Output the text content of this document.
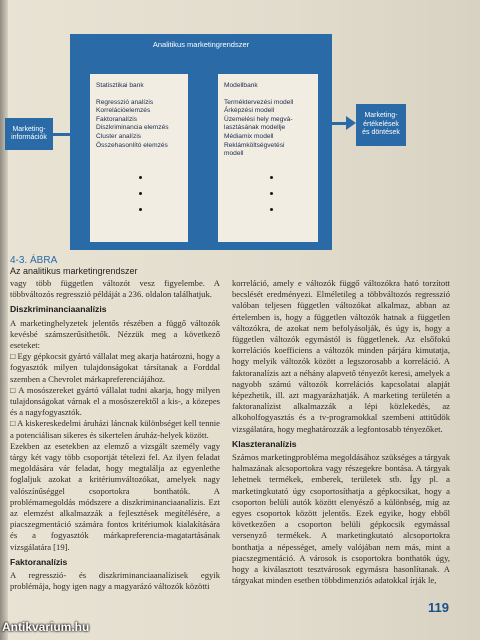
Analitikus marketingrendszer
Marketing-
információk
Statisztikai bank
Regresszió analízis
Korrelációelemzés
Faktoranalízis
Diszkriminancia elemzés
Cluster analízis
Összehasonlító elemzés
Modellbank
Terméktervezési modell
Árképzési modell
Üzemelési hely megvá-
lasztásának modellje
Médiamix modell
Reklámköltségvetési
modell
Marketing-
értékelések
és döntések
4-3. ÁBRA
Az analitikus marketingrendszer

vagy több független változót vesz figyelembe. A többváltozós regresszió példáját a 236. oldalon találhatjuk.

Diszkriminanciaanalízis

A marketinghelyzetek jelentős részében a függő változók kevésbé számszerűsíthetők. Nézzük meg a következő eseteket:

□ Egy gépkocsit gyártó vállalat meg akarja határozni, hogy a fogyasztók milyen tulajdonságokat társítanak a Forddal szemben a Chevrolet márkapreferenciájához.

□ A mosószereket gyártó vállalat tudni akarja, hogy milyen tulajdonságokat várnak el a mosószerektől a kis-, a közepes és a nagyfogyasztók.

□ A kiskereskedelmi áruházi láncnak különbséget kell tennie a potenciálisan sikeres és sikertelen áruház-helyek között.

Ezekben az esetekben az elemző a vizsgált személy vagy tárgy két vagy több csoportját tételezi fel. Az ilyen feladat megoldására vár feladat, hogy megtalálja az egyenlethe foglaljuk azokat a kritériumváltozókat, amelyek nagy valószínűséggel csoportokra bonthatók. A problémamegoldás módszere a diszkriminanciaanalízis. Ezt az elemzést alkalmazzák a fejlesztések megítélésére, a piacszegmentáció számára fontos kritériumok kialakítására és a fogyasztók márkapreferencia-magatartásának vizsgálatára [19].

Faktoranalízis

A regresszió- és diszkriminanciaanalízisek egyik problémája, hogy igen nagy a magyarázó változók közötti

korreláció, amely e változók függő változókra ható torzított becslését eredményezi. Elméletileg a többváltozós regresszió valóban teljesen független változókat alkalmaz, abban az értelemben is, hogy a független változók hatnak a független változókra, de azokat nem befolyásolják, és úgy is, hogy a független változók egymástól is függetlenek. Az elsőfokú korrelációs koefficiens a változók minden párjára kimutatja, hogy melyik változók között a legszorosabb a korreláció. A faktoranalízis azt a néhány alapvető tényezőt keresi, amelyek a nagyobb számú változók korrelációs kapcsolatai alapját képezhetik, ill. azt magyarázhatják. A marketing területén a faktoranalízist alkalmazzák a lépi közlekedés, az alkoholfogyasztás és a tv-programokkal szembeni attitűdök vizsgálatára, hogy meghatározzák a legfontosabb tényezőket.

Klaszteranalízis

Számos marketingprobléma megoldásához szükséges a tárgyak halmazának alcsoportokra vagy részegekre bontása. A tárgyak lehetnek termékek, emberek, területek stb. Így pl. a marketingkutató úgy csoportosíthatja a gépkocsikat, hogy a csoporton belüli autók között elenyésző a különbség, míg az egyes csoportok között jelentős. Ezek egyike, hogy ebből következően a csoporton belüli gépkocsik egymással versenyző termékek. A marketingkutató alcsoportokra bonthatja a népességet, amely valójában nem más, mint a piacszegmentáció. A városok is csoportokra bonthatók úgy, hogy a kiválasztott tesztvárosok egymásra hasonlítanak. A tárgyakat minden esetben többdimenziós adatokkal írják le,

119
Antikvarium.hu
